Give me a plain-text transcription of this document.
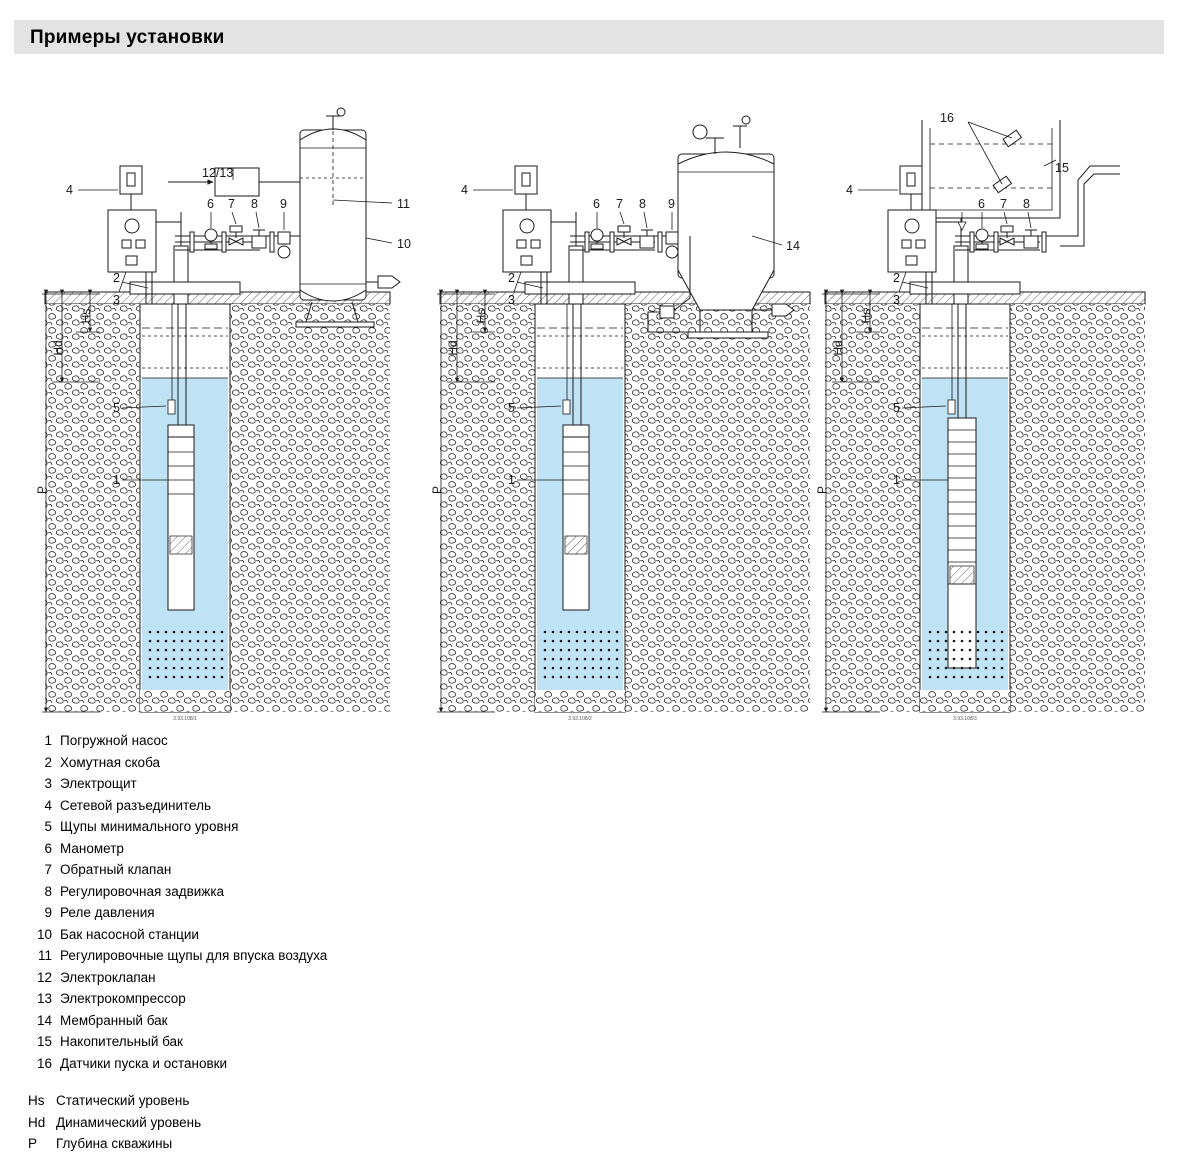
Примеры установки
4
12/13
11
10
3
6 7 8 9
2
5
1
Hd
Hs
P
3.93.108/1
4
14
3
6 7 8 9
2
5
1
Hd
Hs
P
3.93.108/2
4
16
15
3
6 7 8
2
5
1
Hd
Hs
P
3.93.108/3
1 Погружной насос
2 Хомутная скоба
3 Электрощит
4 Сетевой разъединитель
5 Щупы минимального уровня
6 Манометр
7 Обратный клапан
8 Регулировочная задвижка
9 Реле давления
10 Бак насосной станции
11 Регулировочные щупы для впуска воздуха
12 Электроклапан
13 Электрокомпрессор
14 Мембранный бак
15 Накопительный бак
16 Датчики пуска и остановки
Hs Статический уровень
Hd Динамический уровень
P	Глубина скважины
